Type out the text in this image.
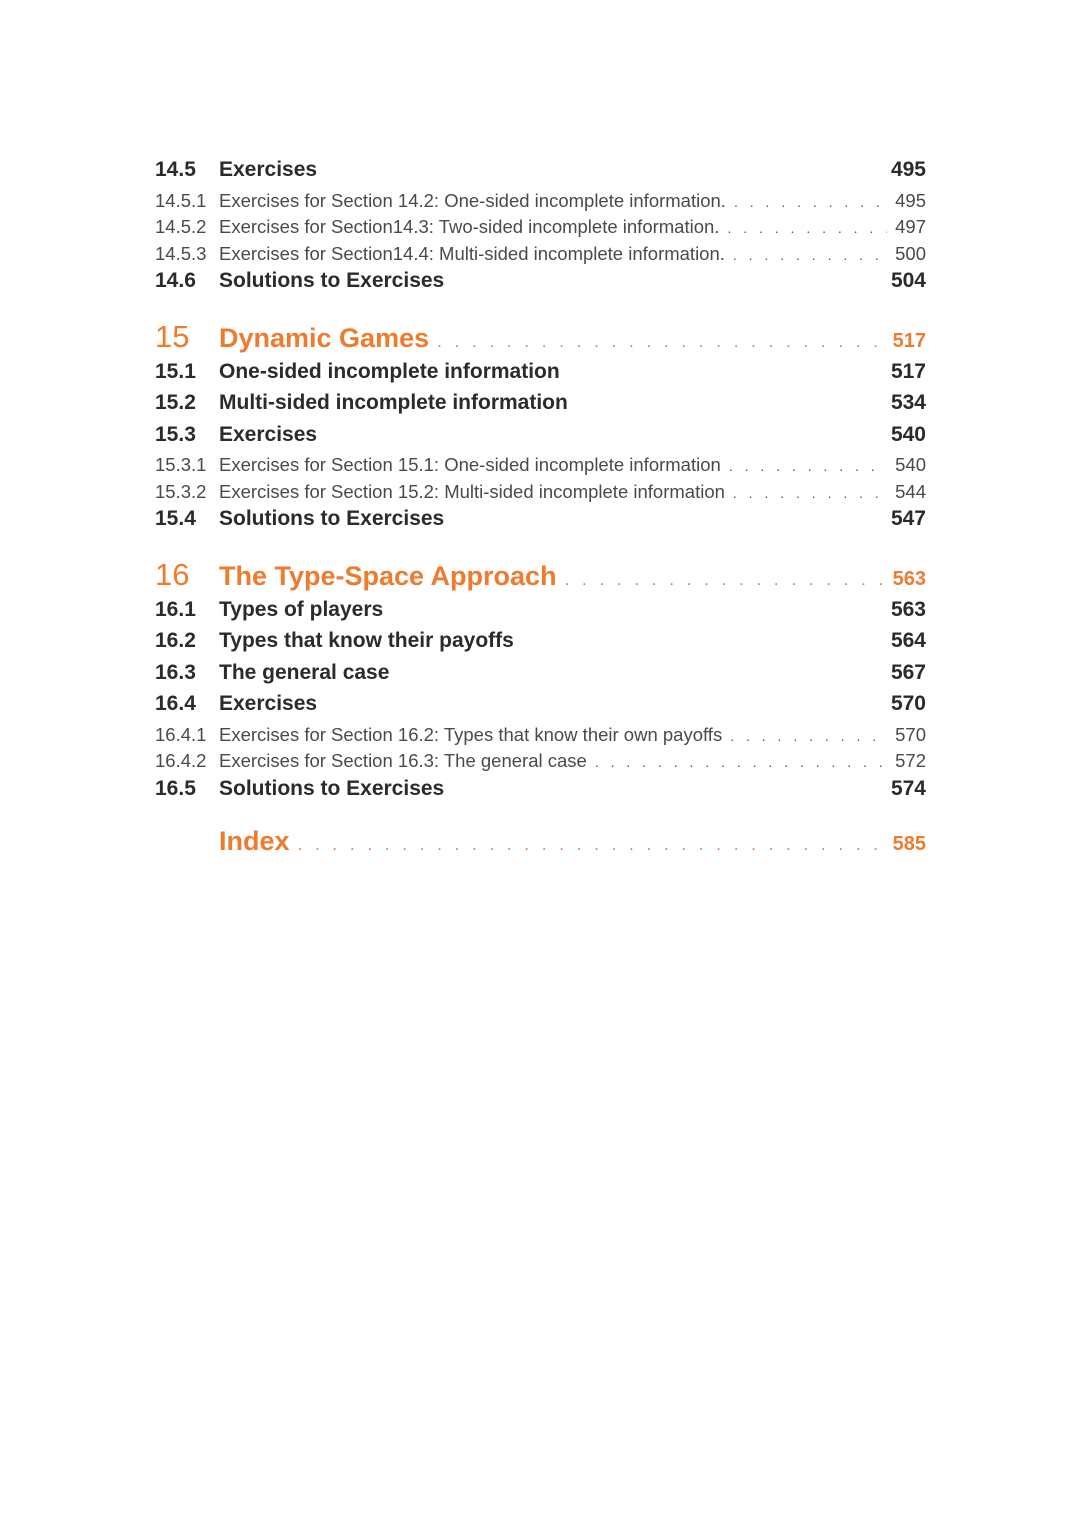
14.5	Exercises	495
14.5.1 Exercises for Section 14.2: One-sided incomplete information. . . .	495
14.5.2 Exercises for Section14.3: Two-sided incomplete information. . . .	497
14.5.3 Exercises for Section14.4: Multi-sided incomplete information. . . .	500
14.6	Solutions to Exercises	504
15	Dynamic Games . . .	517
15.1	One-sided incomplete information	517
15.2	Multi-sided incomplete information	534
15.3	Exercises	540
15.3.1 Exercises for Section 15.1: One-sided incomplete information . . .	540
15.3.2 Exercises for Section 15.2: Multi-sided incomplete information . . .	544
15.4	Solutions to Exercises	547
16	The Type-Space Approach . . .	563
16.1	Types of players	563
16.2	Types that know their payoffs	564
16.3	The general case	567
16.4	Exercises	570
16.4.1 Exercises for Section 16.2: Types that know their own payoffs . . .	570
16.4.2 Exercises for Section 16.3: The general case . . .	572
16.5	Solutions to Exercises	574
Index . . .	585
